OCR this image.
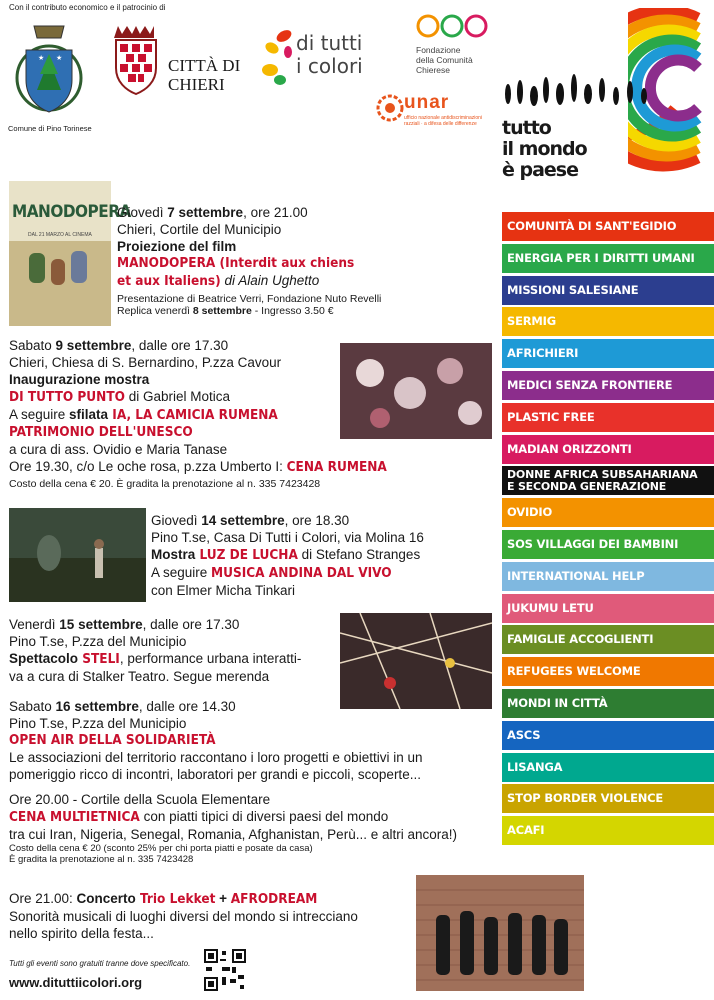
Con il contributo economico e il patrocinio di
★ ★
Comune di Pino Torinese
CITTÀ DI
CHIERI
di tutti
i colori
Fondazione
della Comunità
Chierese
unar
ufficio nazionale antidiscriminazioni razziali · a difesa delle differenze	tutto
il mondo
è paese
COMUNITÀ DI SANT'EGIDIO
ENERGIA PER I DIRITTI UMANI
MISSIONI SALESIANE
SERMIG
AFRICHIERI
MEDICI SENZA FRONTIERE
PLASTIC FREE
MADIAN ORIZZONTI
DONNE AFRICA SUBSAHARIANA
E SECONDA GENERAZIONE
OVIDIO
SOS VILLAGGI DEI BAMBINI
INTERNATIONAL HELP
JUKUMU LETU
FAMIGLIE ACCOGLIENTI
REFUGEES WELCOME
MONDI IN CITTÀ
ASCS
LISANGA
STOP BORDER VIOLENCE
ACAFI
MANODOPERA
DAL 21 MARZO AL CINEMA
Giovedì 7 settembre, ore 21.00
Chieri, Cortile del Municipio
Proiezione del film
MANODOPERA (Interdit aux chiens
et aux Italiens) di Alain Ughetto
Presentazione di Beatrice Verri, Fondazione Nuto Revelli
Replica venerdì 8 settembre - Ingresso 3.50 €
Sabato 9 settembre, dalle ore 17.30
Chieri, Chiesa di S. Bernardino, P.zza Cavour
Inaugurazione mostra
DI TUTTO PUNTO di Gabriel Motica
A seguire sfilata IA, LA CAMICIA RUMENA
PATRIMONIO DELL'UNESCO
a cura di ass. Ovidio e Maria Tanase
Ore 19.30, c/o Le oche rosa, p.zza Umberto I: CENA RUMENA
Costo della cena € 20. È gradita la prenotazione al n. 335 7423428
Giovedì 14 settembre, ore 18.30
Pino T.se, Casa Di Tutti i Colori, via Molina 16
Mostra LUZ DE LUCHA di Stefano Stranges
A seguire MUSICA ANDINA DAL VIVO
con Elmer Micha Tinkari
Venerdì 15 settembre, dalle ore 17.30
Pino T.se, P.zza del Municipio
Spettacolo STELI, performance urbana interatti-
va a cura di Stalker Teatro. Segue merenda
Sabato 16 settembre, dalle ore 14.30
Pino T.se, P.zza del Municipio
OPEN AIR DELLA SOLIDARIETÀ
Le associazioni del territorio raccontano i loro progetti e obiettivi in un
pomeriggio ricco di incontri, laboratori per grandi e piccoli, scoperte...
Ore 20.00 - Cortile della Scuola Elementare
CENA MULTIETNICA con piatti tipici di diversi paesi del mondo
tra cui Iran, Nigeria, Senegal, Romania, Afghanistan, Perù... e altri ancora!)
Costo della cena € 20 (sconto 25% per chi porta piatti e posate da casa)
È gradita la prenotazione al n. 335 7423428
Ore 21.00: Concerto Trio Lekket + AFRODREAM
Sonorità musicali di luoghi diversi del mondo si intrecciano
nello spirito della festa...
Tutti gli eventi sono gratuiti tranne dove specificato.
www.dituttiicolori.org
